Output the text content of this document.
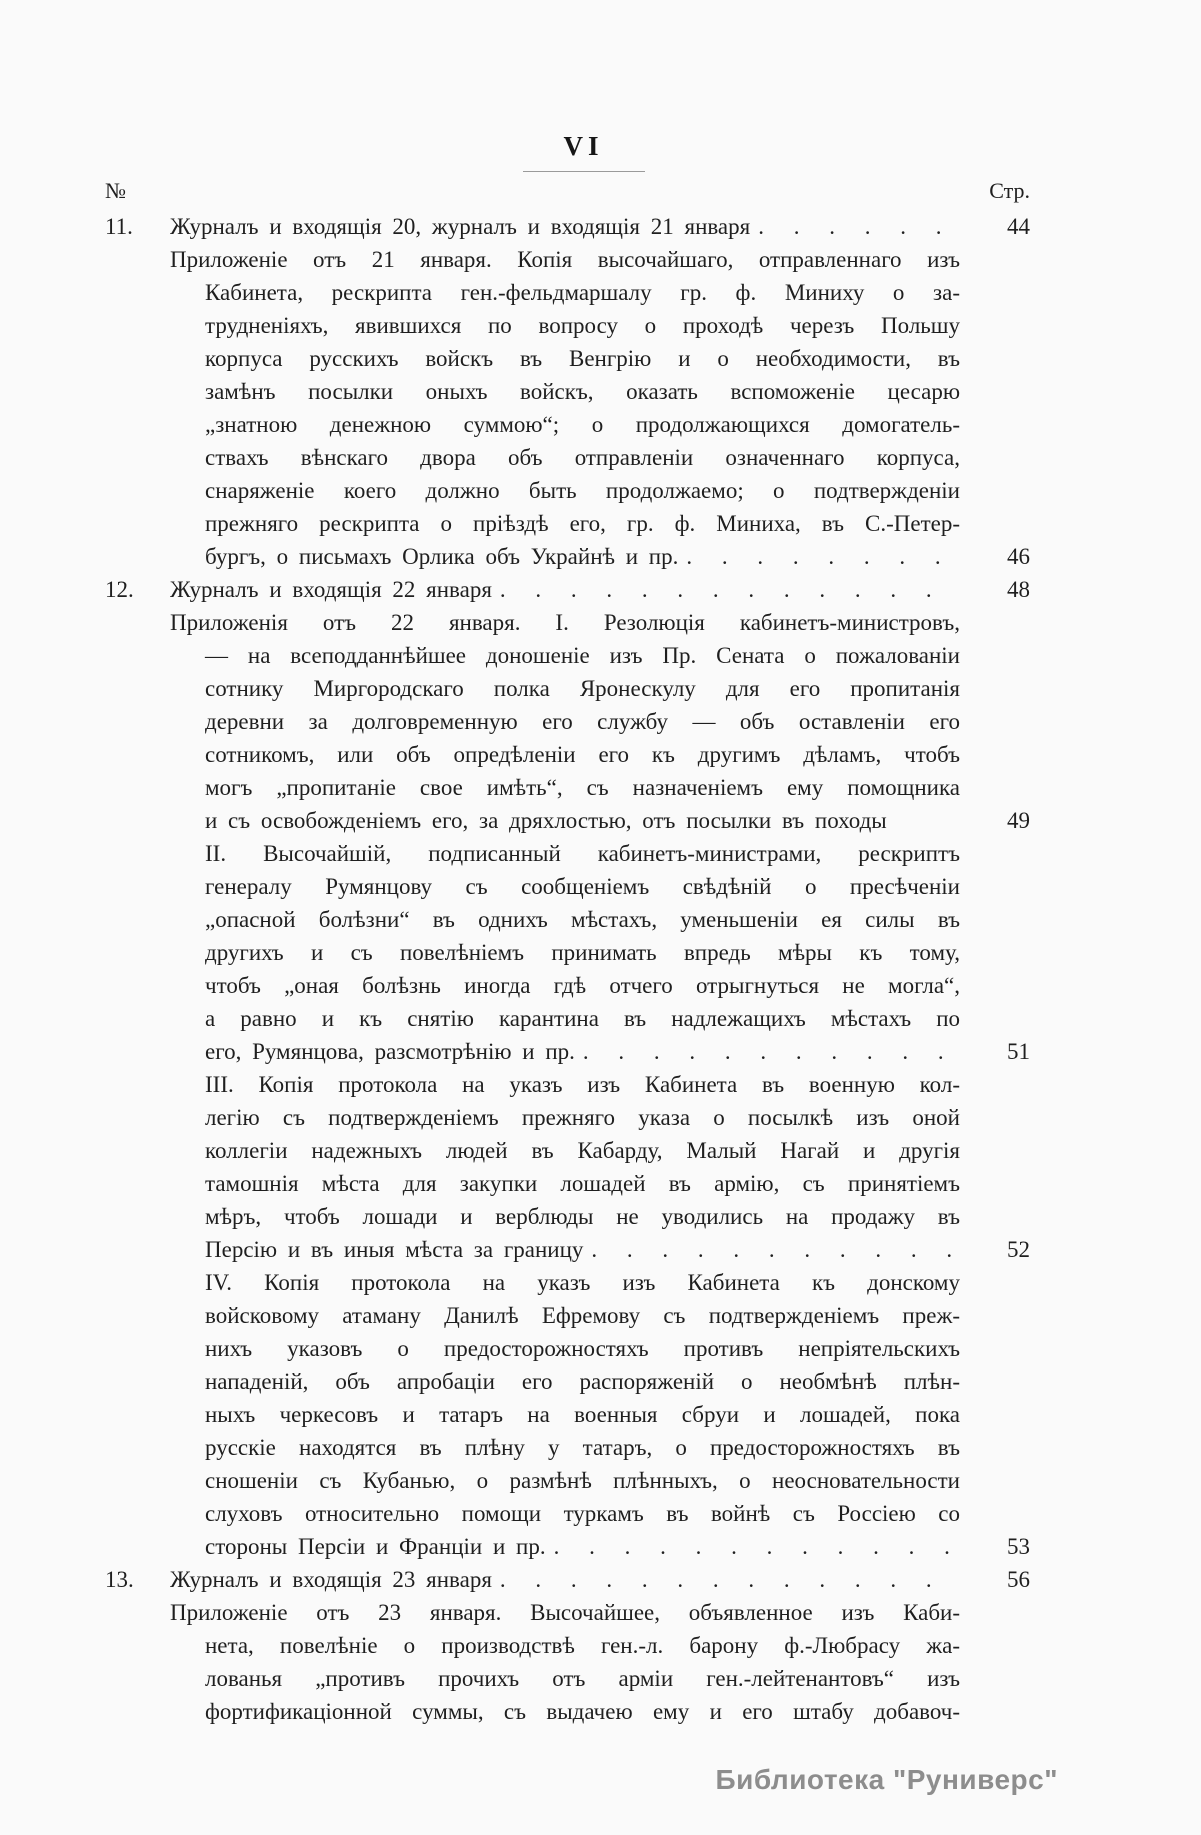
VI
№	Стр.
11.	Журналъ и входящія 20, журналъ и входящія 21 января . . .	44
Приложеніе отъ 21 января. Копія высочайшаго, отправленнаго изъ
Кабинета, рескрипта ген.-фельдмаршалу гр. ф. Миниху о за-
трудненіяхъ, явившихся по вопросу о проходѣ черезъ Польшу
корпуса русскихъ войскъ въ Венгрію и о необходимости, въ
замѣнъ посылки оныхъ войскъ, оказать вспоможеніе цесарю
„знатною денежною суммою“; о продолжающихся домогатель-
ствахъ вѣнскаго двора объ отправленіи означеннаго корпуса,
снаряженіе коего должно быть продолжаемо; о подтвержденіи
прежняго рескрипта о пріѣздѣ его, гр. ф. Миниха, въ С.-Петер-
бургъ, о письмахъ Орлика объ Украйнѣ и пр. . . .	46
12.	Журналъ и входящія 22 января . . .	48
Приложенія отъ 22 января. I. Резолюція кабинетъ-министровъ,
— на всеподданнѣйшее доношеніе изъ Пр. Сената о пожалованіи
сотнику Миргородскаго полка Яронескулу для его пропитанія
деревни за долговременную его службу — объ оставленіи его
сотникомъ, или объ опредѣленіи его къ другимъ дѣламъ, чтобъ
могъ „пропитаніе свое имѣть“, съ назначеніемъ ему помощника
и съ освобожденіемъ его, за дряхлостью, отъ посылки въ походы	49
II. Высочайшій, подписанный кабинетъ-министрами, рескриптъ
генералу Румянцову съ сообщеніемъ свѣдѣній о пресѣченіи
„опасной болѣзни“ въ однихъ мѣстахъ, уменьшеніи ея силы въ
другихъ и съ повелѣніемъ принимать впредь мѣры къ тому,
чтобъ „оная болѣзнь иногда гдѣ отчего отрыгнуться не могла“,
а равно и къ снятію карантина въ надлежащихъ мѣстахъ по
его, Румянцова, разсмотрѣнію и пр. . . .	51
III. Копія протокола на указъ изъ Кабинета въ военную кол-
легію съ подтвержденіемъ прежняго указа о посылкѣ изъ оной
коллегіи надежныхъ людей въ Кабарду, Малый Нагай и другія
тамошнія мѣста для закупки лошадей въ армію, съ принятіемъ
мѣръ, чтобъ лошади и верблюды не уводились на продажу въ
Персію и въ иныя мѣста за границу . . .	52
IV. Копія протокола на указъ изъ Кабинета къ донскому
войсковому атаману Данилѣ Ефремову съ подтвержденіемъ преж-
нихъ указовъ о предосторожностяхъ противъ непріятельскихъ
нападеній, объ апробаціи его распоряженій о необмѣнѣ плѣн-
ныхъ черкесовъ и татаръ на военныя сбруи и лошадей, пока
русскіе находятся въ плѣну у татаръ, о предосторожностяхъ въ
сношеніи съ Кубанью, о размѣнѣ плѣнныхъ, о неосновательности
слуховъ относительно помощи туркамъ въ войнѣ съ Россіею со
стороны Персіи и Франціи и пр. . . .	53
13.	Журналъ и входящія 23 января . . .	56
Приложеніе отъ 23 января. Высочайшее, объявленное изъ Каби-
нета, повелѣніе о производствѣ ген.-л. барону ф.-Любрасу жа-
лованья „противъ прочихъ отъ арміи ген.-лейтенантовъ“ изъ
фортификаціонной суммы, съ выдачею ему и его штабу добавоч-
Библиотека "Руниверс"
